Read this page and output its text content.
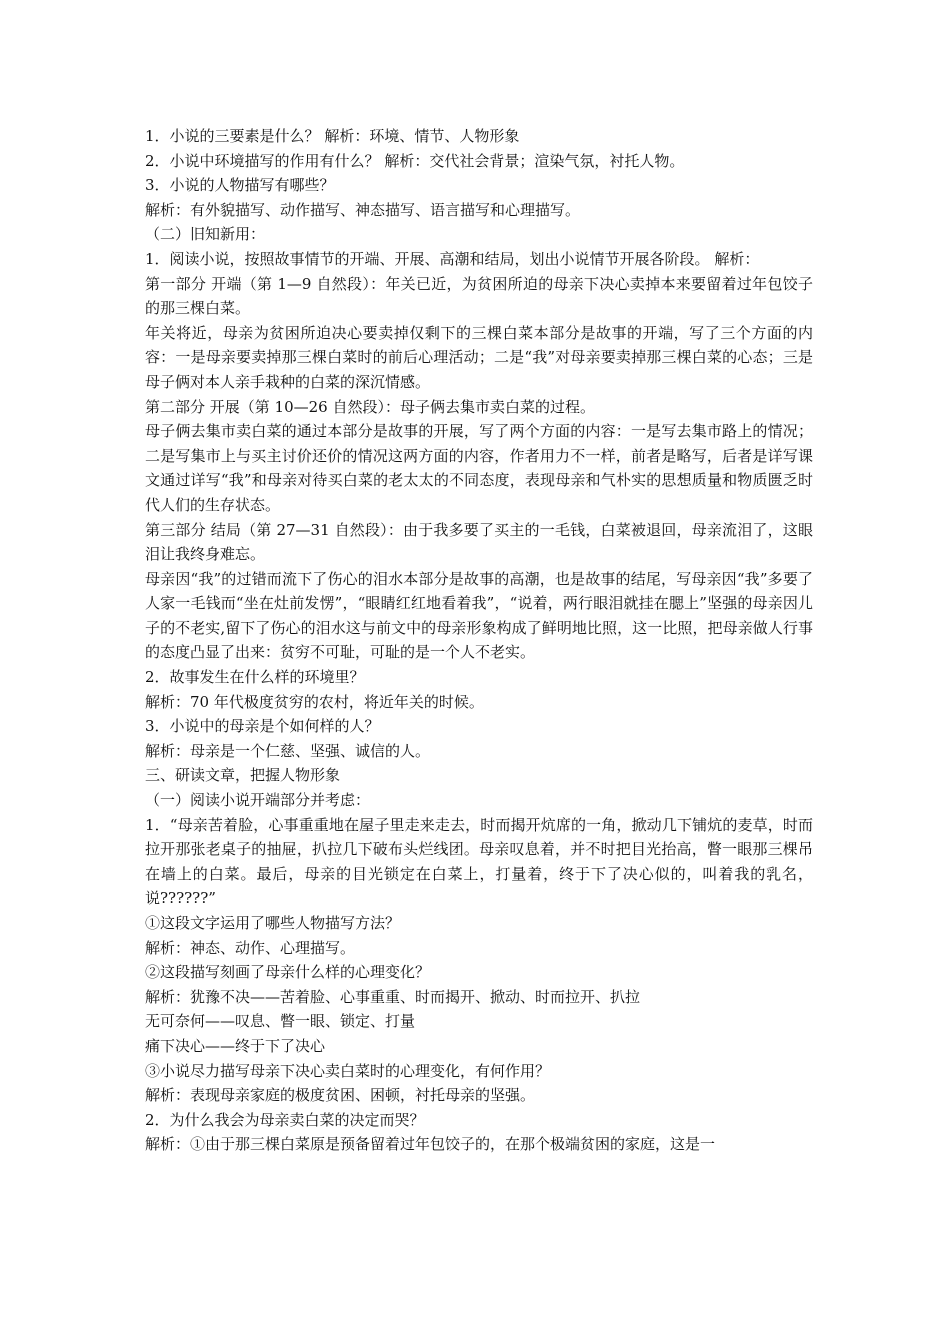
1．小说的三要素是什么？ 解析：环境、情节、人物形象

2．小说中环境描写的作用有什么？ 解析：交代社会背景；渲染气氛，衬托人物。

3．小说的人物描写有哪些？

解析：有外貌描写、动作描写、神态描写、语言描写和心理描写。

（二）旧知新用：

1．阅读小说，按照故事情节的开端、开展、高潮和结局，划出小说情节开展各阶段。 解析：

第一部分 开端（第 1—9 自然段）：年关已近，为贫困所迫的母亲下决心卖掉本来要留着过年包饺子的那三棵白菜。

年关将近，母亲为贫困所迫决心要卖掉仅剩下的三棵白菜本部分是故事的开端，写了三个方面的内容：一是母亲要卖掉那三棵白菜时的前后心理活动；二是“我”对母亲要卖掉那三棵白菜的心态；三是母子俩对本人亲手栽种的白菜的深沉情感。

第二部分 开展（第 10—26 自然段）：母子俩去集市卖白菜的过程。

母子俩去集市卖白菜的通过本部分是故事的开展，写了两个方面的内容：一是写去集市路上的情况；二是写集市上与买主讨价还价的情况这两方面的内容，作者用力不一样，前者是略写，后者是详写课文通过详写“我”和母亲对待买白菜的老太太的不同态度，表现母亲和气朴实的思想质量和物质匮乏时代人们的生存状态。

第三部分 结局（第 27—31 自然段）：由于我多要了买主的一毛钱，白菜被退回，母亲流泪了，这眼泪让我终身难忘。

母亲因“我”的过错而流下了伤心的泪水本部分是故事的高潮，也是故事的结尾，写母亲因“我”多要了人家一毛钱而“坐在灶前发愣”，“眼睛红红地看着我”，“说着，两行眼泪就挂在腮上”坚强的母亲因儿子的不老实,留下了伤心的泪水这与前文中的母亲形象构成了鲜明地比照，这一比照，把母亲做人行事的态度凸显了出来：贫穷不可耻，可耻的是一个人不老实。

2．故事发生在什么样的环境里？

解析：70 年代极度贫穷的农村，将近年关的时候。

3．小说中的母亲是个如何样的人？

解析：母亲是一个仁慈、坚强、诚信的人。

三、研读文章，把握人物形象

（一）阅读小说开端部分并考虑：

1．“母亲苦着脸，心事重重地在屋子里走来走去，时而揭开炕席的一角，掀动几下铺炕的麦草，时而拉开那张老桌子的抽屉，扒拉几下破布头烂线团。母亲叹息着，并不时把目光抬高，瞥一眼那三棵吊在墙上的白菜。最后，母亲的目光锁定在白菜上，打量着，终于下了决心似的，叫着我的乳名，说??????”

①这段文字运用了哪些人物描写方法？

解析：神态、动作、心理描写。

②这段描写刻画了母亲什么样的心理变化？

解析：犹豫不决——苦着脸、心事重重、时而揭开、掀动、时而拉开、扒拉

无可奈何——叹息、瞥一眼、锁定、打量

痛下决心——终于下了决心

③小说尽力描写母亲下决心卖白菜时的心理变化，有何作用？

解析：表现母亲家庭的极度贫困、困顿，衬托母亲的坚强。

2．为什么我会为母亲卖白菜的决定而哭？

解析：①由于那三棵白菜原是预备留着过年包饺子的，在那个极端贫困的家庭，这是一
